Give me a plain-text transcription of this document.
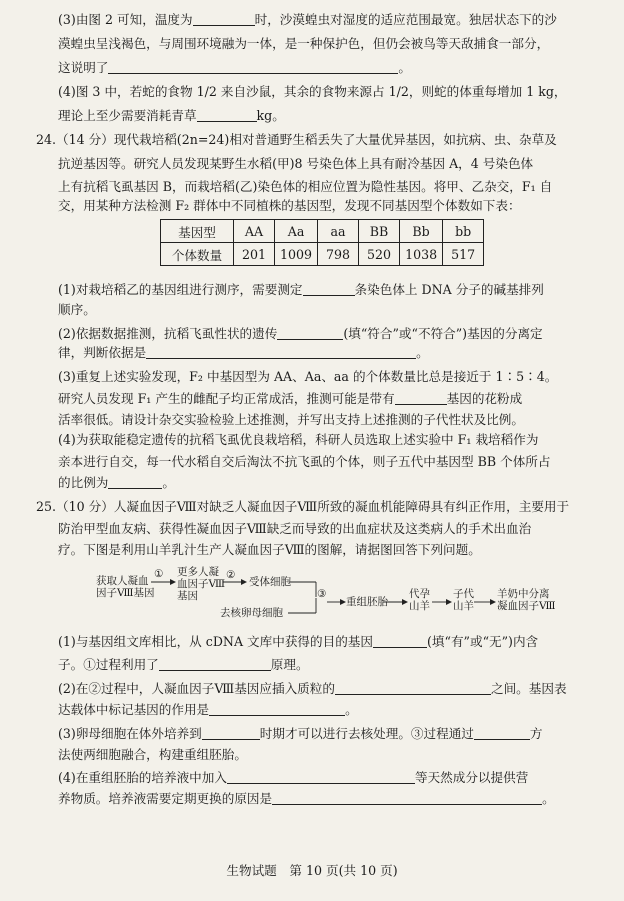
(3)由图 2 可知，温度为	时，沙漠蝗虫对湿度的适应范围最宽。独居状态下的沙
漠蝗虫呈浅褐色，与周围环境融为一体，是一种保护色，但仍会被鸟等天敌捕食一部分，
这说明了	。
(4)图 3 中，若蛇的食物 1/2 来自沙鼠，其余的食物来源占 1/2，则蛇的体重每增加 1 kg，
理论上至少需要消耗青草	kg。
24.（14 分）现代栽培稻(2n=24)相对普通野生稻丢失了大量优异基因，如抗病、虫、杂草及
抗逆基因等。研究人员发现某野生水稻(甲)8 号染色体上具有耐冷基因 A，4 号染色体
上有抗稻飞虱基因 B，而栽培稻(乙)染色体的相应位置为隐性基因。将甲、乙杂交，F₁ 自
交，用某种方法检测 F₂ 群体中不同植株的基因型，发现不同基因型个体数如下表：
基因型	AA	Aa	aa	BB	Bb	bb
个体数量	201	1009	798	520	1038	517
(1)对栽培稻乙的基因组进行测序，需要测定	条染色体上 DNA 分子的碱基排列
顺序。
(2)依据数据推测，抗稻飞虱性状的遗传	(填“符合”或“不符合”)基因的分离定
律，判断依据是	。
(3)重复上述实验发现，F₂ 中基因型为 AA、Aa、aa 的个体数量比总是接近于 1∶5∶4。
研究人员发现 F₁ 产生的雌配子均正常成活，推测可能是带有	基因的花粉成
活率很低。请设计杂交实验检验上述推测，并写出支持上述推测的子代性状及比例。
(4)为获取能稳定遗传的抗稻飞虱优良栽培稻，科研人员选取上述实验中 F₁ 栽培稻作为
亲本进行自交，每一代水稻自交后淘汰不抗飞虱的个体，则子五代中基因型 BB 个体所占
的比例为	。
25.（10 分）人凝血因子Ⅷ对缺乏人凝血因子Ⅷ所致的凝血机能障碍具有纠正作用，主要用于
防治甲型血友病、获得性凝血因子Ⅷ缺乏而导致的出血症状及这类病人的手术出血治
疗。下图是利用山羊乳汁生产人凝血因子Ⅷ的图解，请据图回答下列问题。
获取人凝血
因子Ⅷ基因
① 更多人凝
血因子Ⅷ
基因
②
受体细胞
③
去核卵母细胞
重组胚胎
代孕
山羊
子代
山羊
羊奶中分离
凝血因子Ⅷ
(1)与基因组文库相比，从 cDNA 文库中获得的目的基因	(填“有”或“无”)内含
子。①过程利用了	原理。
(2)在②过程中，人凝血因子Ⅷ基因应插入质粒的	之间。基因表
达载体中标记基因的作用是	。
(3)卵母细胞在体外培养到	时期才可以进行去核处理。③过程通过	方
法使两细胞融合，构建重组胚胎。
(4)在重组胚胎的培养液中加入	等天然成分以提供营
养物质。培养液需要定期更换的原因是	。
生物试题　第 10 页(共 10 页)
